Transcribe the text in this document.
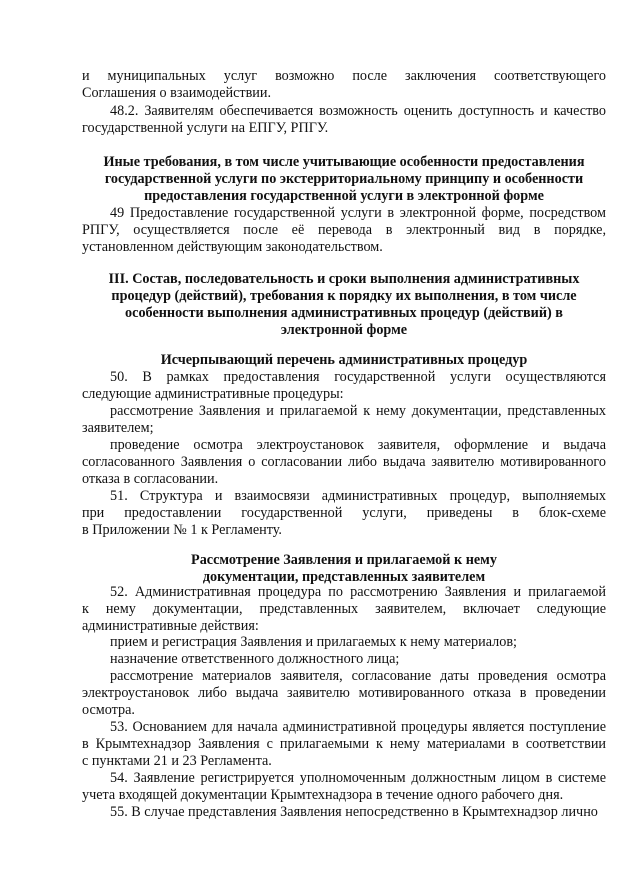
и муниципальных услуг возможно после заключения соответствующего

Соглашения о взаимодействии.

48.2. Заявителям обеспечивается возможность оценить доступность и качество

государственной услуги на ЕПГУ, РПГУ.

Иные требования, в том числе учитывающие особенности предоставления

государственной услуги по экстерриториальному принципу и особенности

предоставления государственной услуги в электронной форме

49 Предоставление государственной услуги в электронной форме, посредством

РПГУ, осуществляется после её перевода в электронный вид в порядке,

установленном действующим законодательством.

III. Состав, последовательность и сроки выполнения административных

процедур (действий), требования к порядку их выполнения, в том числе

особенности выполнения административных процедур (действий) в

электронной форме

Исчерпывающий перечень административных процедур

50. В рамках предоставления государственной услуги осуществляются

следующие административные процедуры:

рассмотрение Заявления и прилагаемой к нему документации, представленных

заявителем;

проведение осмотра электроустановок заявителя, оформление и выдача

согласованного Заявления о согласовании либо выдача заявителю мотивированного

отказа в согласовании.

51. Структура и взаимосвязи административных процедур, выполняемых

при предоставлении государственной услуги, приведены в блок-схеме

в Приложении № 1 к Регламенту.

Рассмотрение Заявления и прилагаемой к нему

документации, представленных заявителем

52. Административная процедура по рассмотрению Заявления и прилагаемой

к нему документации, представленных заявителем, включает следующие

административные действия:

прием и регистрация Заявления и прилагаемых к нему материалов;

назначение ответственного должностного лица;

рассмотрение материалов заявителя, согласование даты проведения осмотра

электроустановок либо выдача заявителю мотивированного отказа в проведении

осмотра.

53. Основанием для начала административной процедуры является поступление

в Крымтехнадзор Заявления с прилагаемыми к нему материалами в соответствии

с пунктами 21 и 23 Регламента.

54. Заявление регистрируется уполномоченным должностным лицом в системе

учета входящей документации Крымтехнадзора в течение одного рабочего дня.

55. В случае представления Заявления непосредственно в Крымтехнадзор лично
